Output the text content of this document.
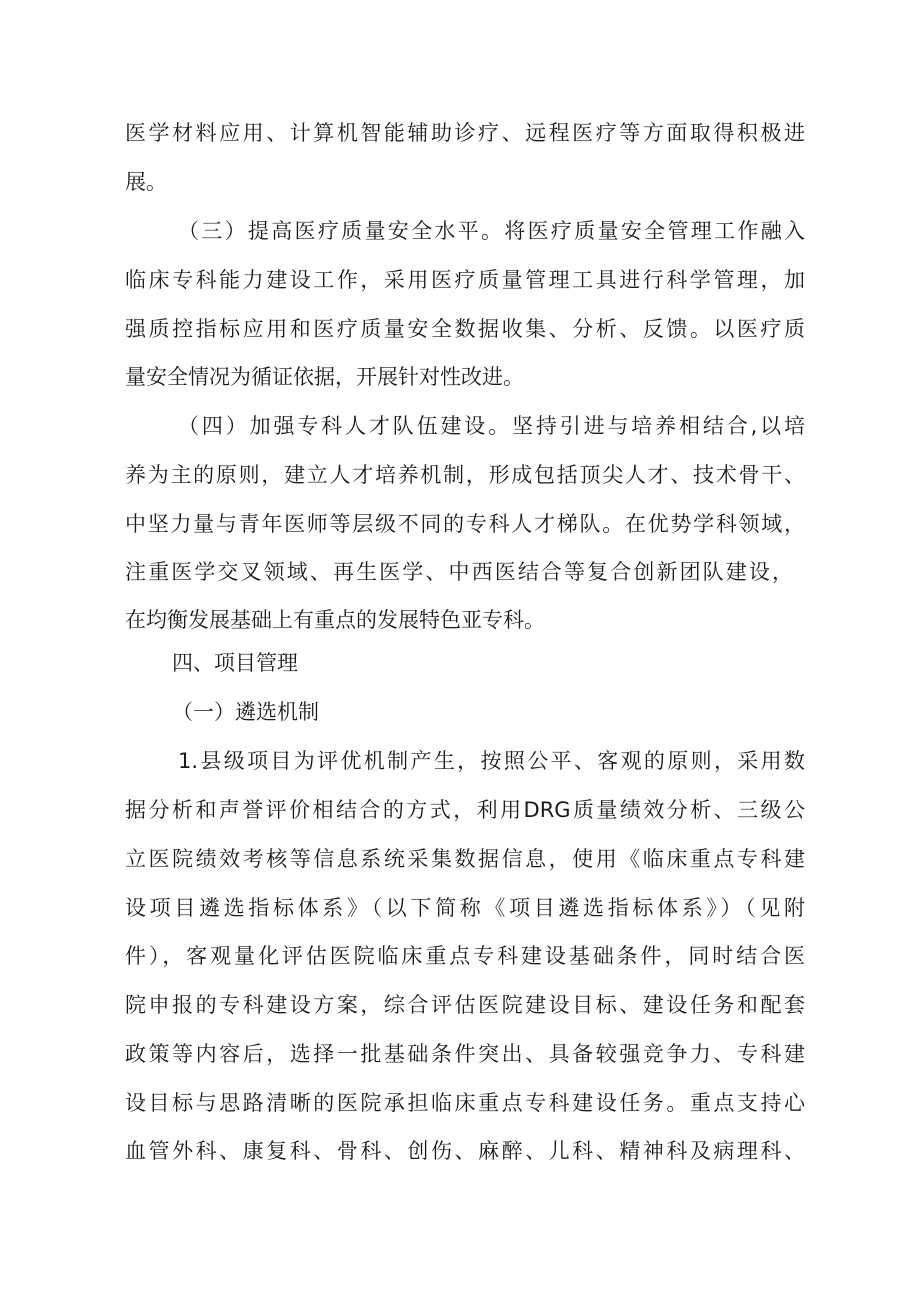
医学材料应用、计算机智能辅助诊疗、远程医疗等方面取得积极进
展。
（三）提高医疗质量安全水平。将医疗质量安全管理工作融入
临床专科能力建设工作，采用医疗质量管理工具进行科学管理，加
强质控指标应用和医疗质量安全数据收集、分析、反馈。以医疗质
量安全情况为循证依据，开展针对性改进。
（四）加强专科人才队伍建设。坚持引进与培养相结合,以培
养为主的原则，建立人才培养机制，形成包括顶尖人才、技术骨干、
中坚力量与青年医师等层级不同的专科人才梯队。在优势学科领域，
注重医学交叉领域、再生医学、中西医结合等复合创新团队建设，
在均衡发展基础上有重点的发展特色亚专科。
四、项目管理
（一）遴选机制
1.县级项目为评优机制产生，按照公平、客观的原则，采用数
据分析和声誉评价相结合的方式，利用DRG质量绩效分析、三级公
立医院绩效考核等信息系统采集数据信息，使用《临床重点专科建
设项目遴选指标体系》（以下简称《项目遴选指标体系》）（见附
件），客观量化评估医院临床重点专科建设基础条件，同时结合医
院申报的专科建设方案，综合评估医院建设目标、建设任务和配套
政策等内容后，选择一批基础条件突出、具备较强竞争力、专科建
设目标与思路清晰的医院承担临床重点专科建设任务。重点支持心
血管外科、康复科、骨科、创伤、麻醉、儿科、精神科及病理科、
